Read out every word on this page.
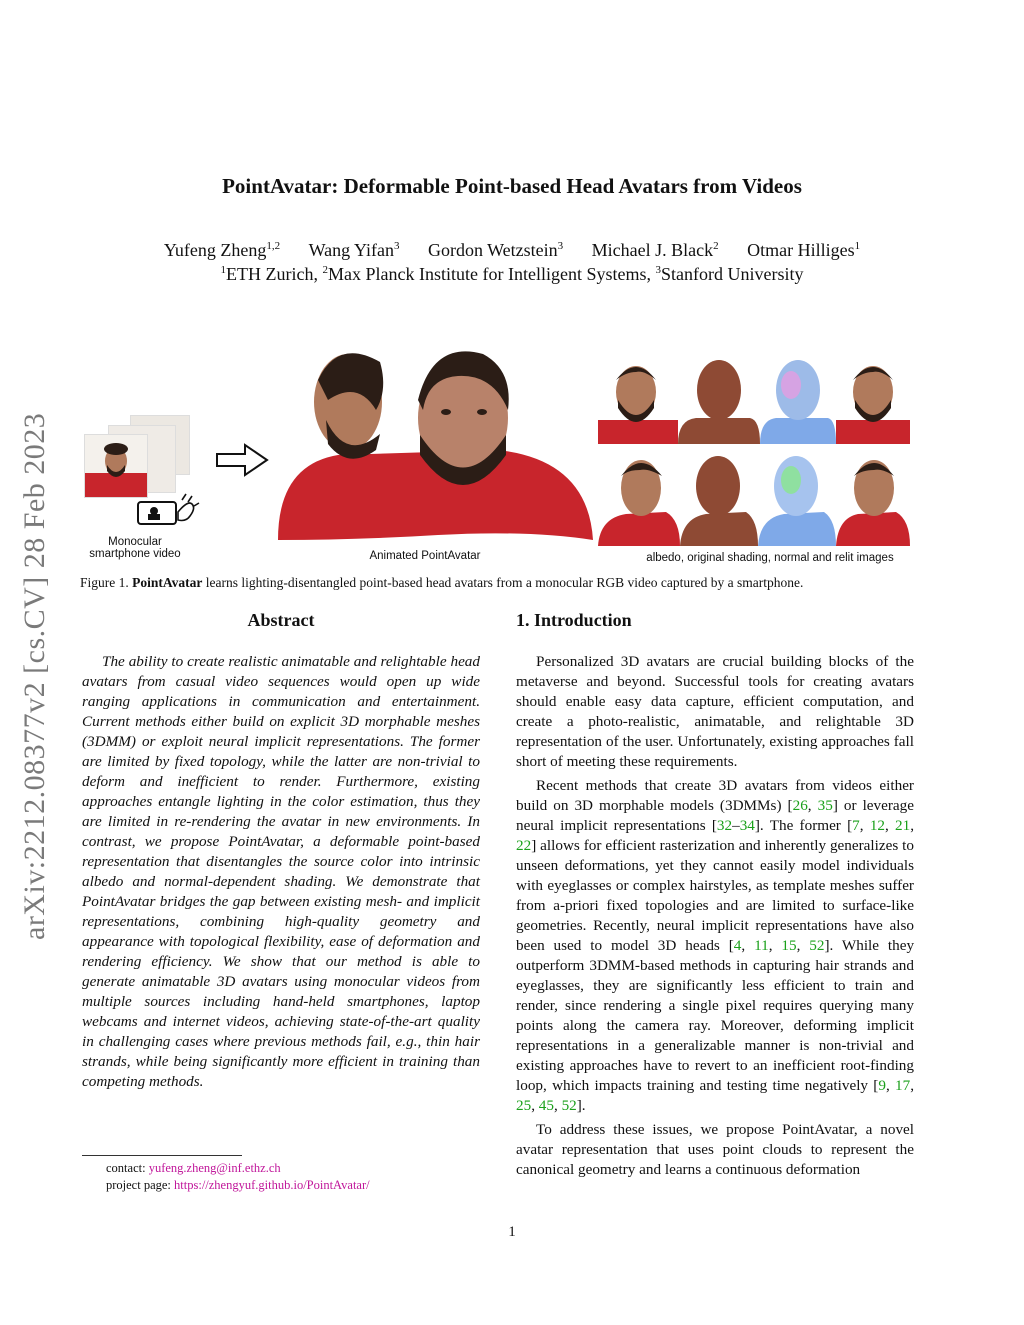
arXiv:2212.08377v2 [cs.CV] 28 Feb 2023
PointAvatar: Deformable Point-based Head Avatars from Videos
Yufeng Zheng$^{1,2}$ Wang Yifan$^3$ Gordon Wetzstein$^3$ Michael J. Black$^2$ Otmar Hilliges$^1$
$^1$ETH Zurich, $^2$Max Planck Institute for Intelligent Systems, $^3$Stanford University
Monocular
smartphone video	Animated PointAvatar	albedo, original shading, normal and relit images
Figure 1. PointAvatar learns lighting-disentangled point-based head avatars from a monocular RGB video captured by a smartphone.
Abstract
The ability to create realistic animatable and relightable head avatars from casual video sequences would open up wide ranging applications in communication and entertainment. Current methods either build on explicit 3D morphable meshes (3DMM) or exploit neural implicit representations. The former are limited by fixed topology, while the latter are non-trivial to deform and inefficient to render. Furthermore, existing approaches entangle lighting in the color estimation, thus they are limited in re-rendering the avatar in new environments. In contrast, we propose PointAvatar, a deformable point-based representation that disentangles the source color into intrinsic albedo and normal-dependent shading. We demonstrate that PointAvatar bridges the gap between existing mesh- and implicit representations, combining high-quality geometry and appearance with topological flexibility, ease of deformation and rendering efficiency. We show that our method is able to generate animatable 3D avatars using monocular videos from multiple sources including hand-held smartphones, laptop webcams and internet videos, achieving state-of-the-art quality in challenging cases where previous methods fail, e.g., thin hair strands, while being significantly more efficient in training than competing methods.
1. Introduction

Personalized 3D avatars are crucial building blocks of the metaverse and beyond. Successful tools for creating avatars should enable easy data capture, efficient computation, and create a photo-realistic, animatable, and relightable 3D representation of the user. Unfortunately, existing approaches fall short of meeting these requirements.

Recent methods that create 3D avatars from videos either build on 3D morphable models (3DMMs) [26, 35] or leverage neural implicit representations [32–34]. The former [7, 12, 21, 22] allows for efficient rasterization and inherently generalizes to unseen deformations, yet they cannot easily model individuals with eyeglasses or complex hairstyles, as template meshes suffer from a-priori fixed topologies and are limited to surface-like geometries. Recently, neural implicit representations have also been used to model 3D heads [4, 11, 15, 52]. While they outperform 3DMM-based methods in capturing hair strands and eyeglasses, they are significantly less efficient to train and render, since rendering a single pixel requires querying many points along the camera ray. Moreover, deforming implicit representations in a generalizable manner is non-trivial and existing approaches have to revert to an inefficient root-finding loop, which impacts training and testing time negatively [9, 17, 25, 45, 52].

To address these issues, we propose PointAvatar, a novel avatar representation that uses point clouds to represent the canonical geometry and learns a continuous deformation

contact: yufeng.zheng@inf.ethz.ch
project page: https://zhengyuf.github.io/PointAvatar/
1
